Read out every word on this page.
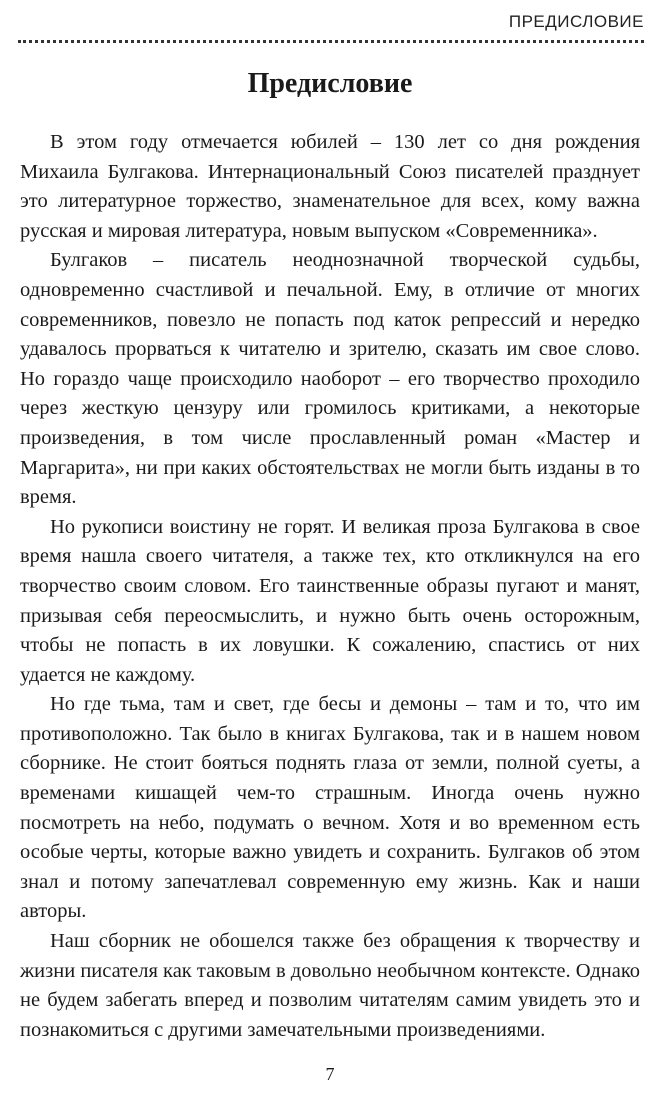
ПРЕДИСЛОВИЕ
Предисловие

В этом году отмечается юбилей – 130 лет со дня рождения Михаила Булгакова. Интернациональный Союз писателей празднует это литературное торжество, знаменательное для всех, кому важна русская и мировая литература, новым выпуском «Современника».

Булгаков – писатель неоднозначной творческой судьбы, одновременно счастливой и печальной. Ему, в отличие от многих современников, повезло не попасть под каток репрессий и нередко удавалось прорваться к читателю и зрителю, сказать им свое слово. Но гораздо чаще происходило наоборот – его творчество проходило через жесткую цензуру или громилось критиками, а некоторые произведения, в том числе прославленный роман «Мастер и Маргарита», ни при каких обстоятельствах не могли быть изданы в то время.

Но рукописи воистину не горят. И великая проза Булгакова в свое время нашла своего читателя, а также тех, кто откликнулся на его творчество своим словом. Его таинственные образы пугают и манят, призывая себя переосмыслить, и нужно быть очень осторожным, чтобы не попасть в их ловушки. К сожалению, спастись от них удается не каждому.

Но где тьма, там и свет, где бесы и демоны – там и то, что им противоположно. Так было в книгах Булгакова, так и в нашем новом сборнике. Не стоит бояться поднять глаза от земли, полной суеты, а временами кишащей чем-то страшным. Иногда очень нужно посмотреть на небо, подумать о вечном. Хотя и во временном есть особые черты, которые важно увидеть и сохранить. Булгаков об этом знал и потому запечатлевал современную ему жизнь. Как и наши авторы.

Наш сборник не обошелся также без обращения к творчеству и жизни писателя как таковым в довольно необычном контексте. Однако не будем забегать вперед и позволим читателям самим увидеть это и познакомиться с другими замечательными произведениями.

7
